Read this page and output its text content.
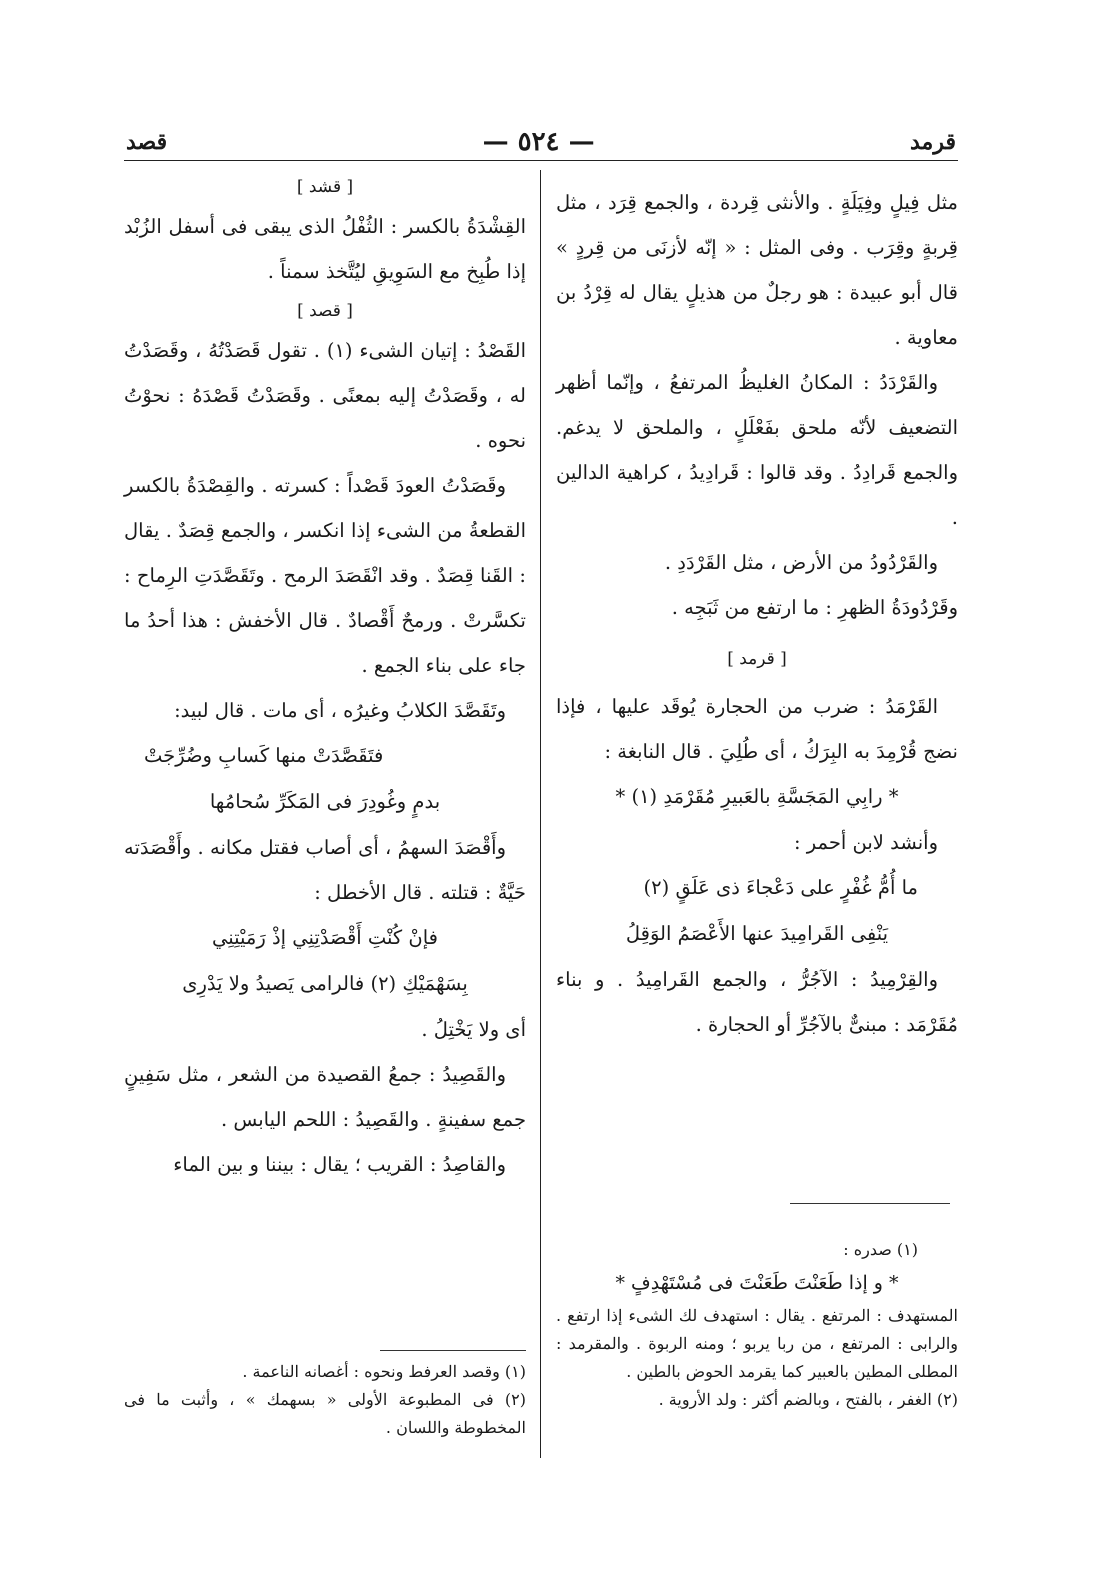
قرمد
— ٥٢٤ —
قصد

مثل فِيلٍ وفِيَلَةٍ . والأنثى قِردة ، والجمع قِرَد ، مثل قِربةٍ وقِرَب . وفى المثل : « إنّه لأزنَى من قِردٍ » قال أبو عبيدة : هو رجلٌ من هذيلٍ يقال له قِرْدُ بن معاوية .

والقَرْدَدُ : المكانُ الغليظُ المرتفعُ ، وإنّما أظهر التضعيف لأنّه ملحق بفَعْلَلٍ ، والملحق لا يدغم. والجمع قَرادِدُ . وقد قالوا : قَرادِيدُ ، كراهية الدالين .

والقَرْدُودُ من الأرض ، مثل القَرْدَدِ .

وقَرْدُودَةُ الظهرِ : ما ارتفع من ثَبَجِه .

[ قرمد ]

القَرْمَدُ : ضرب من الحجارة يُوقَد عليها ، فإذا نضج قُرْمِدَ به البِرَكُ ، أى طُلِيَ . قال النابغة :

* رابِي المَجَسَّةِ بالعَبيرِ مُقَرْمَدِ (١) *

وأنشد لابن أحمر :

ما أُمُّ غُفْرٍ على دَعْجاءَ ذى عَلَقٍ (٢)

يَنْفِى القَرامِيدَ عنها الأَعْصَمُ الوَقِلُ

والقِرْمِيدُ : الآجُرُّ ، والجمع القَرامِيدُ . و بناء مُقَرْمَد : مبنىٌّ بالآجُرِّ أو الحجارة .

(١) صدره :

* و إذا طَعَنْتَ طَعَنْتَ فى مُسْتَهْدِفٍ *

المستهدف : المرتفع . يقال : استهدف لك الشىء إذا ارتفع . والرابى : المرتفع ، من ربا يربو ؛ ومنه الربوة . والمقرمد : المطلى المطين بالعبير كما يقرمد الحوض بالطين .

(٢) الغفر ، بالفتح ، وبالضم أكثر : ولد الأروية .

[ قشد ]

القِشْدَةُ بالكسر : الثُفْلُ الذى يبقى فى أسفل الزُبْد إذا طُبِخ مع السَوِيقِ ليُتَّخذ سمناً .

[ قصد ]

القَصْدُ : إتيان الشىء (١) . تقول قَصَدْتُهُ ، وقَصَدْتُ له ، وقَصَدْتُ إليه بمعنًى . وقَصَدْتُ قَصْدَهُ : نحوْتُ نحوه .

وقَصَدْتُ العودَ قَصْداً : كسرته . والقِصْدَةُ بالكسر القطعةُ من الشىء إذا انكسر ، والجمع قِصَدٌ . يقال : القَنا قِصَدٌ . وقد انْقَصَدَ الرمح . وتَقَصَّدَتِ الرِماح : تكسَّرتْ . ورمحٌ أَقْصادٌ . قال الأخفش : هذا أحدُ ما جاء على بناء الجمع .

وتَقَصَّدَ الكلابُ وغيرُه ، أى مات . قال لبيد:

فتَقَصَّدَتْ منها كَسابِ وضُرِّجَتْ

بدمٍ وغُودِرَ فى المَكَرِّ سُحامُها

وأَقْصَدَ السهمُ ، أى أصاب فقتل مكانه . وأَقْصَدَته حَيَّةٌ : قتلته . قال الأخطل :

فإنْ كُنْتِ أَقْصَدْتِنِي إذْ رَمَيْتِنِي

بِسَهْمَيْكِ (٢) فالرامى يَصيدُ ولا يَدْرِى

أى ولا يَخْتِلُ .

والقَصِيدُ : جمعُ القصيدة من الشعر ، مثل سَفِينٍ جمع سفينةٍ . والقَصِيدُ : اللحم اليابس .

والقاصِدُ : القريب ؛ يقال : بيننا و بين الماء

(١) وقصد العرفط ونحوه : أغصانه الناعمة .

(٢) فى المطبوعة الأولى « بسهمك » ، وأثبت ما فى المخطوطة واللسان .
